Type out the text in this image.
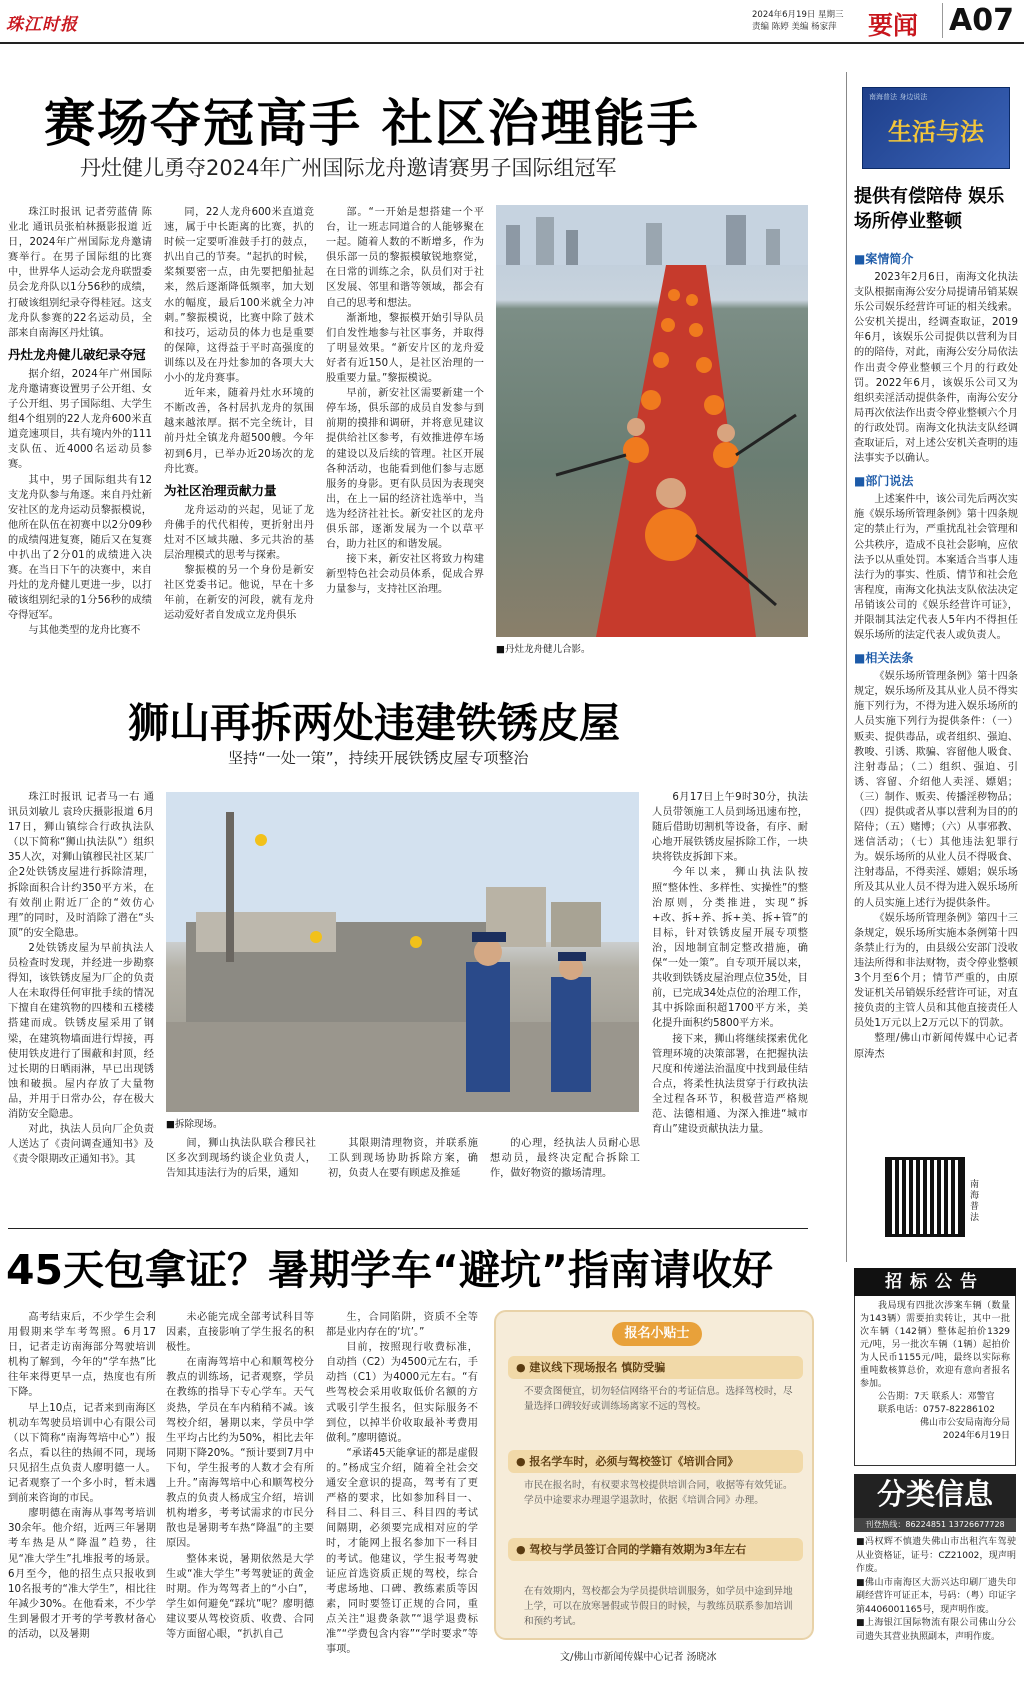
珠江时报	2024年6月19日 星期三
责编 陈婷 美编 杨家萍 要闻 A07
赛场夺冠高手 社区治理能手
丹灶健儿勇夺2024年广州国际龙舟邀请赛男子国际组冠军

珠江时报讯 记者劳蓝倩 陈业北 通讯员张柏林摄影报道 近日，2024年广州国际龙舟邀请赛举行。在男子国际组的比赛中，世界华人运动会龙舟联盟委员会龙舟队以1分56秒的成绩，打破该组别纪录夺得桂冠。这支龙舟队参赛的22名运动员，全部来自南海区丹灶镇。

丹灶龙舟健儿破纪录夺冠

据介绍，2024年广州国际龙舟邀请赛设置男子公开组、女子公开组、男子国际组、大学生组4个组别的22人龙舟600米直道竞速项目，共有境内外的111支队伍、近4000名运动员参赛。

其中，男子国际组共有12支龙舟队参与角逐。来自丹灶新安社区的龙舟运动员黎振模说，他所在队伍在初赛中以2分09秒的成绩闯进复赛，随后又在复赛中扒出了2分01的成绩进入决赛。在当日下午的决赛中，来自丹灶的龙舟健儿更进一步，以打破该组别纪录的1分56秒的成绩夺得冠军。

与其他类型的龙舟比赛不

同，22人龙舟600米直道竞速，属于中长距离的比赛，扒的时候一定要听准鼓手打的鼓点，扒出自己的节奏。“起扒的时候，桨频要密一点，由先要把船扯起来，然后逐渐降低频率，加大划水的幅度，最后100米就全力冲刺。”黎振模说，比赛中除了鼓术和技巧，运动员的体力也是重要的保障，这得益于平时高强度的训练以及在丹灶参加的各项大大小小的龙舟赛事。

近年来，随着丹灶水环境的不断改善，各村居扒龙舟的氛围越来越浓厚。据不完全统计，目前丹灶全镇龙舟超500艘。今年初到6月，已举办近20场次的龙舟比赛。

为社区治理贡献力量

龙舟运动的兴起，见证了龙舟佛手的代代相传，更折射出丹灶对不区域共融、多元共治的基层治理模式的思考与探索。

黎振模的另一个身份是新安社区党委书记。他说，早在十多年前，在新安的河段，就有龙舟运动爱好者自发成立龙舟俱乐

部。“一开始是想搭建一个平台，让一班志同道合的人能够聚在一起。随着人数的不断增多，作为俱乐部一员的黎振模敏锐地察觉，在日常的训练之余，队员们对于社区发展、邻里和谐等领域，都会有自己的思考和想法。

渐渐地，黎振模开始引导队员们自发性地参与社区事务，并取得了明显效果。“新安片区的龙舟爱好者有近150人，是社区治理的一股重要力量。”黎振模说。

早前，新安社区需要新建一个停车场，俱乐部的成员自发参与到前期的摸排和调研，并将意见建议提供给社区参考，有效推进停车场的建设以及后续的管理。社区开展各种活动，也能看到他们参与志愿服务的身影。更有队员因为表现突出，在上一届的经济社选举中，当选为经济社社长。新安社区的龙舟俱乐部，逐渐发展为一个以草平台，助力社区的和谐发展。

接下来，新安社区将致力构建新型特色社会动员体系，促成合界力量参与，支持社区治理。

■丹灶龙舟健儿合影。
狮山再拆两处违建铁锈皮屋
坚持“一处一策”，持续开展铁锈皮屋专项整治

珠江时报讯 记者马一右 通讯员刘敏儿 袁玲庆摄影报道 6月17日，狮山镇综合行政执法队（以下简称“狮山执法队”）组织35人次，对狮山镇穆民社区某厂企2处铁锈皮屋进行拆除清理，拆除面积合计约350平方米，在有效削止附近厂企的“效仿心理”的同时，及时消除了潜在“头顶”的安全隐患。

2处铁锈皮屋为早前执法人员检查时发现，并经进一步勘察得知，该铁锈皮屋为厂企的负责人在未取得任何审批手续的情况下擅自在建筑物的四楼和五楼楼搭建而成。铁锈皮屋采用了钢梁，在建筑物墙面进行焊接，再使用铁皮进行了围蔽和封顶，经过长期的日晒雨淋，早已出现锈蚀和破损。屋内存放了大量物品，并用于日常办公，存在极大消防安全隐患。

对此，执法人员向厂企负责人送达了《责问调查通知书》及《责令限期改正通知书》。其

■拆除现场。

间，狮山执法队联合穆民社区多次到现场约谈企业负责人，告知其违法行为的后果，通知

其限期清理物资，并联系施工队到现场协助拆除方案，确初，负责人在要有顾虑及推延

的心理，经执法人员耐心思想动员，最终决定配合拆除工作，做好物资的撤场清理。

6月17日上午9时30分，执法人员带领施工人员到场迅速布控，随后借助切割机等设备，有序、耐心地开展铁锈皮屋拆除工作，一块块将铁皮拆卸下来。

今年以来，狮山执法队按照“整体性、多样性、实操性”的整治原则，分类推进，实现“拆+改、拆+养、拆+美、拆+管”的目标，针对铁锈皮屋开展专项整治，因地制宜制定整改措施，确保“一处一策”。自专项开展以来，共收到铁锈皮屋治理点位35处，目前，已完成34处点位的治理工作，其中拆除面积超1700平方米，美化提升面积约5800平方米。

接下来，狮山将继续探索优化管理环境的决策部署，在把握执法尺度和传递法治温度中找到最佳结合点，将柔性执法贯穿于行政执法全过程各环节，积极营造严格规范、法德相通、为深入推进“城市育山”建设贡献执法力量。

45天包拿证？暑期学车“避坑”指南请收好

高考结束后，不少学生会利用假期来学车考驾照。6月17日，记者走访南海部分驾驶培训机构了解到，今年的“学车热”比往年来得更早一点，热度也有所下降。

早上10点，记者来到南海区机动车驾驶员培训中心有限公司（以下简称“南海驾培中心”）报名点，看以往的热闹不同，现场只见招生点负责人廖明德一人。记者观察了一个多小时，暂未遇到前来咨询的市民。

廖明德在南海从事驾考培训30余年。他介绍，近两三年暑期考车热是从“降温”趋势，往见“准大学生”扎堆报考的场景。6月至今，他的招生点只报收到10名报考的“准大学生”，相比往年减少30%。在他看来，不少学生到暑假才开考的学考教材备心的活动，以及暑期

未必能完成全部考试科目等因素，直接影响了学生报名的积极性。

在南海驾培中心和顺驾校分教点的训练场，记者观察，学员在教练的指导下专心学车。天气炎热，学员在车内稍稍不减。该驾校介绍，暑期以来，学员中学生平均占比约为50%，相比去年同期下降20%。“预计要到7月中下旬，学生报考的人数才会有所上升。”南海驾培中心和顺驾校分教点的负责人杨成宝介绍，培训机构增多，考考试需求的市民分散也是暑期考车热“降温”的主要原因。

整体来说，暑期依然是大学生或“准大学生”考驾驶证的黄金时期。作为驾驾者上的“小白”，学生如何避免“踩坑”呢？廖明德建议要从驾校资质、收费、合同等方面留心眼，“扒扒自己

生，合同陷阱，资质不全等都是业内存在的‘坑’。”

目前，按照现行收费标准，自动挡（C2）为4500元左右，手动挡（C1）为4000元左右。“有些驾校会采用收取低价名额的方式吸引学生报名，但实际服务不到位，以掉半价收取最补考费用做利。”廖明德说。

“承诺45天能拿证的都是虚假的。”杨成宝介绍，随着全社会交通安全意识的提高，驾考有了更严格的要求，比如参加科目一、科目二、科目三、科目四的考试间隔期，必须要完成相对应的学时，才能网上报名参加下一科目的考试。他建议，学生报考驾驶证应首选资质正规的驾校，综合考虑场地、口碑、教练素质等因素，同时要签订正规的合同，重点关注“退费条款”“退学退费标准”“学费包含内容”“学时要求”等事项。

● 建议线下现场报名 慎防受骗
不要贪图便宜，切勿轻信网络平台的考证信息。选择驾校时，尽量选择口碑较好或训练场离家不远的驾校。
● 报名学车时，必须与驾校签订《培训合同》
市民在报名时，有权要求驾校提供培训合同，收据等有效凭证。学员中途要求办理退学退款时，依据《培训合同》办理。
● 驾校与学员签订合同的学籍有效期为3年左右
在有效期内，驾校都会为学员提供培训服务，如学员中途到异地上学，可以在放寒暑假或节假日的时候，与教练员联系参加培训和预约考试。
报名小贴士
文/佛山市新闻传媒中心记者 汤晓冰
南海普法 身边说法
生活与法
提供有偿陪侍 娱乐场所停业整顿

■案情简介

2023年2月6日，南海文化执法支队根据南海公安分局提请吊销某娱乐公司娱乐经营许可证的相关线索。公安机关提出，经调查取证，2019年6月，该娱乐公司提供以营利为目的的陪侍，对此，南海公安分局依法作出责令停业整顿三个月的行政处罚。2022年6月，该娱乐公司又为组织卖淫活动提供条件，南海公安分局再次依法作出责令停业整顿六个月的行政处罚。南海文化执法支队经调查取证后，对上述公安机关查明的违法事实予以确认。

■部门说法

上述案件中，该公司先后两次实施《娱乐场所管理条例》第十四条规定的禁止行为，严重扰乱社会管理和公共秩序，造成不良社会影响，应依法予以从重处罚。本案适合当事人违法行为的事实、性质、情节和社会危害程度，南海文化执法支队依法决定吊销该公司的《娱乐经营许可证》，并限制其法定代表人5年内不得担任娱乐场所的法定代表人或负责人。

■相关法条

《娱乐场所管理条例》第十四条规定，娱乐场所及其从业人员不得实施下列行为，不得为进入娱乐场所的人员实施下列行为提供条件：（一）贩卖、提供毒品，或者组织、强迫、教唆、引诱、欺骗、容留他人吸食、注射毒品；（二）组织、强迫、引诱、容留、介绍他人卖淫、嫖娼；（三）制作、贩卖、传播淫秽物品；（四）提供或者从事以营利为目的的陪侍；（五）赌博；（六）从事邪教、迷信活动；（七）其他违法犯罪行为。娱乐场所的从业人员不得吸食、注射毒品，不得卖淫、嫖娼；娱乐场所及其从业人员不得为进入娱乐场所的人员实施上述行为提供条件。

《娱乐场所管理条例》第四十三条规定，娱乐场所实施本条例第十四条禁止行为的，由县级公安部门没收违法所得和非法财物，责令停业整顿3个月至6个月；情节严重的，由原发证机关吊销娱乐经营许可证，对直接负责的主管人员和其他直接责任人员处1万元以上2万元以下的罚款。

整理/佛山市新闻传媒中心记者 原涛杰

南海普法
招标公告

我局现有四批次涉案车辆（数量为143辆）需要拍卖转让，其中一批次车辆（142辆）整体起拍价1329元/吨，另一批次车辆（1辆）起拍价为人民币1155元/吨，最终以实际称重吨数核算总价，欢迎有意向者报名参加。

公告期：7天 联系人：邓警官

联系电话：0757-82286102

佛山市公安局南海分局

2024年6月19日

分类信息
刊登热线：86224851 13726677728

■冯权辉不慎遗失佛山市出租汽车驾驶从业资格证，证号：CZ21002，现声明作废。

■佛山市南海区大沥兴达印刷厂遗失印刷经营许可证正本，号码：（粤）印证字第4406001165号，现声明作废。

■上海银江国际物流有限公司佛山分公司遗失其营业执照副本，声明作废。
